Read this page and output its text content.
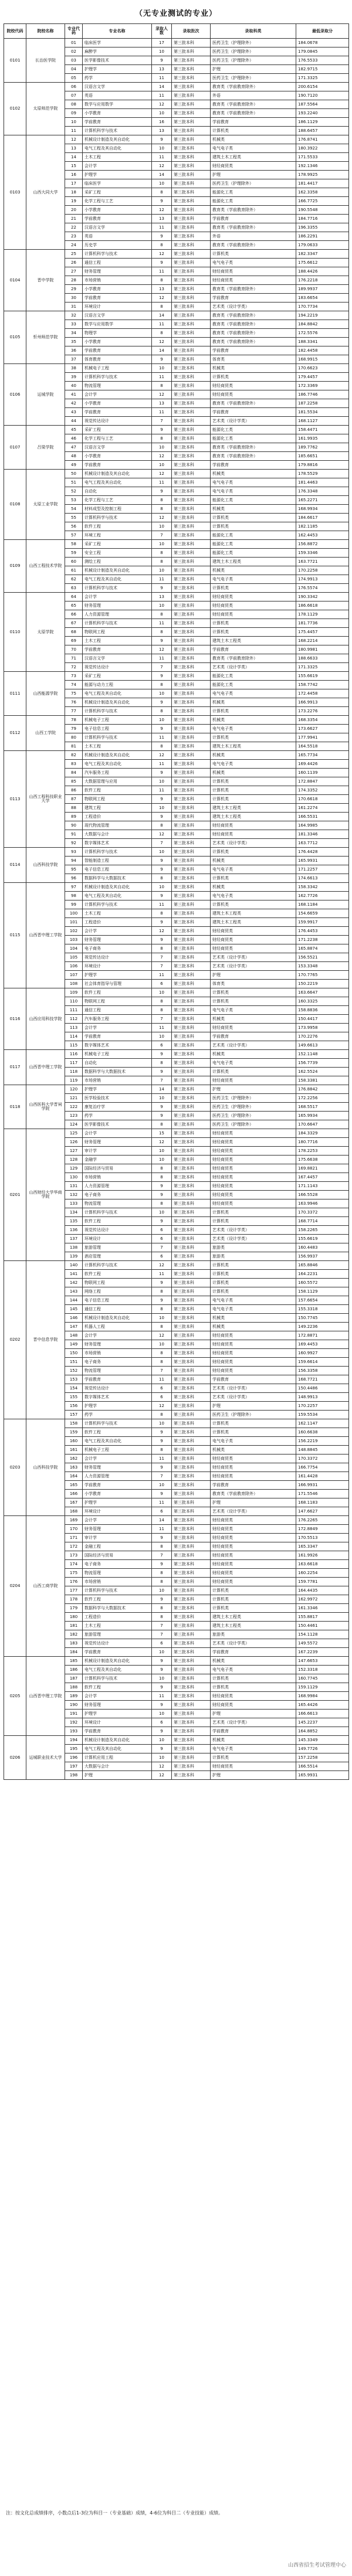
（无专业测试的专业）
院校代码	院校名称	专业代码	专业名称	录取人数	录取批次	录取科类	最低录取分
0101	长治医学院	01	临床医学	17	第三批本科	医药卫生（护理除外）	184.0678
		02	麻醉学	10	第三批本科	医药卫生（护理除外）	179.0845
		03	医学影像技术	9	第三批本科	医药卫生（护理除外）	176.5533
		04	护理学	13	第三批本科	护理	182.9715
		05	药学	11	第三批本科	医药卫生（护理除外）	171.3325
0102	太原师范学院	06	汉语言文学	14	第三批本科	教育类（学前教育除外）	200.6154
		07	英语	11	第三批本科	外语	190.7120
		08	数学与应用数学	12	第三批本科	教育类（学前教育除外）	187.5564
		09	小学教育	10	第三批本科	教育类（学前教育除外）	193.2240
		10	学前教育	16	第三批本科	学前教育	186.1129
		11	计算机科学与技术	13	第三批本科	计算机类	188.6457
0103	山西大同大学	12	机械设计制造及其自动化	9	第三批本科	机械类	176.8741
		13	电气工程及其自动化	10	第三批本科	电气电子类	180.3922
		14	土木工程	11	第三批本科	建筑土木工程类	171.5533
		15	会计学	12	第三批本科	财经商贸类	192.1346
		16	护理学	14	第三批本科	护理	178.9925
		17	临床医学	10	第三批本科	医药卫生（护理除外）	181.4417
		18	采矿工程	8	第三批本科	能源化工类	162.3358
		19	化学工程与工艺	9	第三批本科	能源化工类	166.7725
		20	小学教育	12	第三批本科	教育类（学前教育除外）	190.5548
		21	学前教育	13	第三批本科	学前教育	184.7716
		22	汉语言文学	11	第三批本科	教育类（学前教育除外）	196.3355
		23	英语	9	第三批本科	外语	186.2291
		24	历史学	8	第三批本科	教育类（学前教育除外）	179.0633
0104	晋中学院	25	计算机科学与技术	12	第三批本科	计算机类	182.3347
		26	通信工程	9	第三批本科	电气电子类	175.6612
		27	财务管理	11	第三批本科	财经商贸类	188.4426
		28	市场营销	8	第三批本科	财经商贸类	176.2218
		29	小学教育	13	第三批本科	教育类（学前教育除外）	189.9937
		30	学前教育	12	第三批本科	学前教育	183.6654
		31	环境设计	8	第三批本科	艺术类（设计学类）	170.7734
0105	忻州师范学院	32	汉语言文学	14	第三批本科	教育类（学前教育除外）	194.2219
		33	数学与应用数学	11	第三批本科	教育类（学前教育除外）	184.8842
		34	物理学	8	第三批本科	教育类（学前教育除外）	172.5576
		35	小学教育	12	第三批本科	教育类（学前教育除外）	188.3341
		36	学前教育	14	第三批本科	学前教育	182.4458
		37	体育教育	9	第三批本科	体育类	168.9915
0106	运城学院	38	机械电子工程	10	第三批本科	机械类	170.6623
		39	计算机科学与技术	11	第三批本科	计算机类	179.4457
		40	物流管理	8	第三批本科	财经商贸类	172.3369
		41	会计学	12	第三批本科	财经商贸类	186.7746
		42	小学教育	13	第三批本科	教育类（学前教育除外）	187.2258
		43	学前教育	11	第三批本科	学前教育	181.5534
		44	视觉传达设计	7	第三批本科	艺术类（设计学类）	168.1127
0107	吕梁学院	45	采矿工程	9	第三批本科	能源化工类	158.4471
		46	化学工程与工艺	8	第三批本科	能源化工类	161.9935
		47	汉语言文学	10	第三批本科	教育类（学前教育除外）	189.7762
		48	小学教育	12	第三批本科	教育类（学前教育除外）	185.6651
		49	学前教育	10	第三批本科	学前教育	179.8816
0108	太原工业学院	50	机械设计制造及其自动化	12	第三批本科	机械类	178.5529
		51	电气工程及其自动化	11	第三批本科	电气电子类	181.4463
		52	自动化	9	第三批本科	电气电子类	176.3348
		53	化学工程与工艺	8	第三批本科	能源化工类	165.2271
		54	材料成型及控制工程	8	第三批本科	机械类	168.9934
		55	计算机科学与技术	12	第三批本科	计算机类	184.6617
		56	软件工程	10	第三批本科	计算机类	182.1185
		57	环境工程	7	第三批本科	能源化工类	162.4453
0109	山西工程技术学院	58	采矿工程	10	第三批本科	能源化工类	156.8872
		59	安全工程	8	第三批本科	能源化工类	159.3346
		60	测绘工程	8	第三批本科	建筑土木工程类	163.7721
		61	机械设计制造及其自动化	10	第三批本科	机械类	170.2258
		62	电气工程及其自动化	11	第三批本科	电气电子类	174.9913
		63	计算机科学与技术	9	第三批本科	计算机类	176.5574
0110	太原学院	64	会计学	13	第三批本科	财经商贸类	190.3342
		65	财务管理	10	第三批本科	财经商贸类	186.6618
		66	人力资源管理	8	第三批本科	财经商贸类	178.1129
		67	计算机科学与技术	11	第三批本科	计算机类	181.7736
		68	物联网工程	8	第三批本科	计算机类	175.4457
		69	土木工程	9	第三批本科	建筑土木工程类	168.2214
		70	学前教育	12	第三批本科	学前教育	180.9981
		71	汉语言文学	11	第三批本科	教育类（学前教育除外）	188.6633
		72	视觉传达设计	7	第三批本科	艺术类（设计学类）	171.3325
0111	山西能源学院	73	采矿工程	9	第三批本科	能源化工类	155.6619
		74	能源与动力工程	8	第三批本科	能源化工类	158.7742
		75	电气工程及其自动化	10	第三批本科	电气电子类	172.4458
		76	机械设计制造及其自动化	9	第三批本科	机械类	166.9913
		77	计算机科学与技术	8	第三批本科	计算机类	173.2276
0112	山西工学院	78	机械电子工程	10	第三批本科	机械类	168.3354
		79	电子信息工程	9	第三批本科	电气电子类	173.6627
		80	计算机科学与技术	11	第三批本科	计算机类	177.9941
		81	土木工程	8	第三批本科	建筑土木工程类	164.5518
0113	山西工程科技职业大学	82	机械设计制造及其自动化	12	第三批本科	机械类	165.7734
		83	电气工程及其自动化	11	第三批本科	电气电子类	169.4426
		84	汽车服务工程	9	第三批本科	机械类	160.1139
		85	大数据管理与应用	10	第三批本科	计算机类	172.8847
		86	软件工程	11	第三批本科	计算机类	174.3352
		87	物联网工程	9	第三批本科	计算机类	170.6618
		88	建筑工程	10	第三批本科	建筑土木工程类	161.2274
		89	工程造价	9	第三批本科	建筑土木工程类	166.5531
		90	现代物流管理	8	第三批本科	财经商贸类	164.9985
		91	大数据与会计	12	第三批本科	财经商贸类	181.3346
		92	数字媒体艺术	7	第三批本科	艺术类（设计学类）	163.7712
0114	山西科技学院	93	计算机科学与技术	10	第三批本科	计算机类	176.4428
		94	智能制造工程	9	第三批本科	机械类	165.9931
		95	电子信息工程	9	第三批本科	电气电子类	171.2257
		96	数据科学与大数据技术	8	第三批本科	计算机类	174.6613
0115	山西晋中理工学院	97	机械设计制造及其自动化	10	第三批本科	机械类	158.3342
		98	电气工程及其自动化	9	第三批本科	电气电子类	162.7726
		99	计算机科学与技术	11	第三批本科	计算机类	168.1184
		100	土木工程	8	第三批本科	建筑土木工程类	154.6659
		101	工程造价	9	第三批本科	建筑土木工程类	159.9917
		102	会计学	12	第三批本科	财经商贸类	176.4453
		103	财务管理	9	第三批本科	财经商贸类	171.2238
		104	电子商务	8	第三批本科	财经商贸类	165.8874
		105	视觉传达设计	7	第三批本科	艺术类（设计学类）	156.5521
		106	环境设计	7	第三批本科	艺术类（设计学类）	153.3348
		107	护理学	11	第三批本科	护理	170.7765
		108	社会体育指导与管理	6	第三批本科	体育类	150.2219
0116	山西应用科技学院	109	软件工程	10	第三批本科	计算机类	163.6647
		110	物联网工程	8	第三批本科	计算机类	160.3325
		111	通信工程	8	第三批本科	电气电子类	158.8836
		112	汽车服务工程	7	第三批本科	机械类	150.4417
		113	会计学	11	第三批本科	财经商贸类	173.9958
		114	学前教育	10	第三批本科	学前教育	170.2276
		115	数字媒体艺术	6	第三批本科	艺术类（设计学类）	149.6613
0117	山西晋中理工学院	116	机械电子工程	9	第三批本科	机械类	152.1148
		117	自动化	8	第三批本科	电气电子类	156.7739
		118	数据科学与大数据技术	9	第三批本科	计算机类	162.5524
		119	市场营销	7	第三批本科	财经商贸类	158.3381
0118	山西医科大学晋祠学院	120	护理学	14	第三批本科	护理	176.8842
		121	医学检验技术	10	第三批本科	医药卫生（护理除外）	172.2256
		122	康复治疗学	9	第三批本科	医药卫生（护理除外）	168.5517
		123	药学	9	第三批本科	医药卫生（护理除外）	165.9934
		124	医学影像技术	8	第三批本科	医药卫生（护理除外）	170.6647
0201	山西财经大学华商学院	125	会计学	15	第三批本科	财经商贸类	184.3329
		126	财务管理	12	第三批本科	财经商贸类	180.7716
		127	审计学	10	第三批本科	财经商贸类	178.2253
		128	金融学	10	第三批本科	财经商贸类	175.6638
		129	国际经济与贸易	8	第三批本科	财经商贸类	169.8821
		130	市场营销	8	第三批本科	财经商贸类	167.4457
		131	人力资源管理	9	第三批本科	财经商贸类	171.1143
		132	电子商务	9	第三批本科	财经商贸类	166.5528
		133	物流管理	8	第三批本科	财经商贸类	163.9946
		134	计算机科学与技术	10	第三批本科	计算机类	170.3372
		135	软件工程	9	第三批本科	计算机类	168.7714
		136	视觉传达设计	6	第三批本科	艺术类（设计学类）	158.2265
		137	环境设计	6	第三批本科	艺术类（设计学类）	155.6619
		138	旅游管理	7	第三批本科	旅游类	160.4483
		139	酒店管理	6	第三批本科	旅游类	156.9937
0202	晋中信息学院	140	计算机科学与技术	12	第三批本科	计算机类	165.8846
		141	软件工程	11	第三批本科	计算机类	164.2231
		142	物联网工程	9	第三批本科	计算机类	160.5572
		143	网络工程	8	第三批本科	计算机类	158.1129
		144	电子信息工程	9	第三批本科	电气电子类	157.6654
		145	通信工程	8	第三批本科	电气电子类	155.3318
		146	机械设计制造及其自动化	10	第三批本科	机械类	150.7745
		147	机器人工程	8	第三批本科	机械类	149.2236
		148	会计学	12	第三批本科	财经商贸类	172.8871
		149	财务管理	10	第三批本科	财经商贸类	169.4453
		150	市场营销	8	第三批本科	财经商贸类	160.9927
		151	电子商务	8	第三批本科	财经商贸类	159.6614
		152	物流管理	7	第三批本科	财经商贸类	156.3358
		153	学前教育	11	第三批本科	学前教育	168.7721
		154	视觉传达设计	6	第三批本科	艺术类（设计学类）	150.4486
		155	数字媒体艺术	6	第三批本科	艺术类（设计学类）	148.9913
		156	护理学	12	第三批本科	护理	170.2257
		157	药学	8	第三批本科	医药卫生（护理除外）	159.5534
0203	山西科技学院	158	计算机科学与技术	10	第三批本科	计算机类	162.1147
		159	软件工程	9	第三批本科	计算机类	160.6638
		160	电气工程及其自动化	9	第三批本科	电气电子类	156.2219
		161	机械电子工程	8	第三批本科	机械类	148.8845
		162	会计学	11	第三批本科	财经商贸类	170.3372
		163	财务管理	9	第三批本科	财经商贸类	166.7754
		164	人力资源管理	7	第三批本科	财经商贸类	161.4428
		165	学前教育	10	第三批本科	学前教育	166.9931
		166	小学教育	9	第三批本科	教育类（学前教育除外）	171.5546
		167	护理学	11	第三批本科	护理	168.1183
		168	环境设计	6	第三批本科	艺术类（设计学类）	147.6627
0204	山西工商学院	169	会计学	14	第三批本科	财经商贸类	176.2265
		170	财务管理	11	第三批本科	财经商贸类	172.8849
		171	审计学	9	第三批本科	财经商贸类	170.5513
		172	金融工程	8	第三批本科	财经商贸类	165.3347
		173	国际经济与贸易	7	第三批本科	财经商贸类	161.9926
		174	电子商务	9	第三批本科	财经商贸类	163.6618
		175	物流管理	8	第三批本科	财经商贸类	160.2254
		176	市场营销	8	第三批本科	财经商贸类	159.7781
		177	计算机科学与技术	10	第三批本科	计算机类	164.4435
		178	软件工程	9	第三批本科	计算机类	162.9972
		179	数据科学与大数据技术	8	第三批本科	计算机类	161.3346
		180	工程造价	8	第三批本科	建筑土木工程类	155.8817
		181	土木工程	7	第三批本科	建筑土木工程类	150.4461
		182	旅游管理	7	第三批本科	旅游类	154.1128
		183	视觉传达设计	6	第三批本科	艺术类（设计学类）	149.5572
		184	学前教育	10	第三批本科	学前教育	167.2239
0205	山西晋中理工学院	185	机械设计制造及其自动化	9	第三批本科	机械类	147.6653
		186	电气工程及其自动化	9	第三批本科	电气电子类	152.3318
		187	计算机科学与技术	10	第三批本科	计算机类	160.7745
		188	软件工程	9	第三批本科	计算机类	159.1129
		189	会计学	11	第三批本科	财经商贸类	168.9984
		190	财务管理	9	第三批本科	财经商贸类	165.4426
		191	护理学	10	第三批本科	护理	166.6613
		192	环境设计	6	第三批本科	艺术类（设计学类）	145.2237
		193	学前教育	9	第三批本科	学前教育	164.8852
0206	运城职业技术大学	194	机械设计制造及其自动化	10	第三批本科	机械类	145.3349
		195	电气工程及其自动化	9	第三批本科	电气电子类	149.7726
		196	计算机应用工程	10	第三批本科	计算机类	157.2258
		197	大数据与会计	12	第三批本科	财经商贸类	166.5514
		198	护理	12	第三批本科	护理	165.9931
注：按文化总成绩排序，小数点后1-3位为科目一（专业基础）成绩，4-6位为科目二（专业技能）成绩。
山西省招生考试管理中心
